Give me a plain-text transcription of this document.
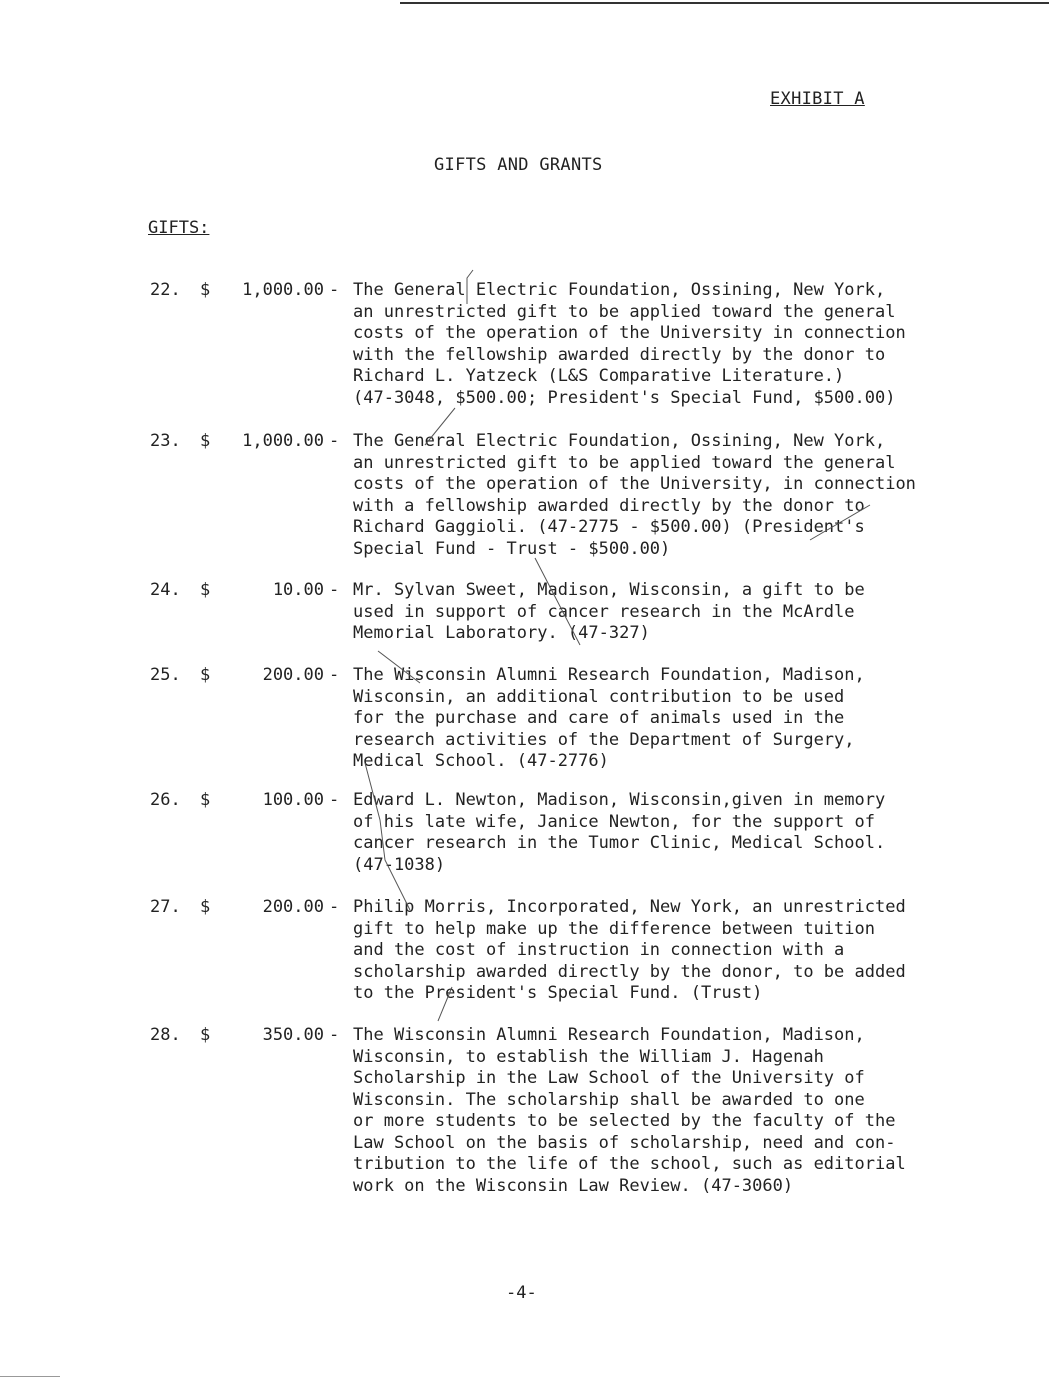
EXHIBIT A
GIFTS AND GRANTS
GIFTS:
22. $ 1,000.00 - The General Electric Foundation, Ossining, New York,
an unrestricted gift to be applied toward the general
costs of the operation of the University in connection
with the fellowship awarded directly by the donor to
Richard L. Yatzeck (L&S Comparative Literature.)
(47-3048, $500.00; President's Special Fund, $500.00)
23. $ 1,000.00 - The General Electric Foundation, Ossining, New York,
an unrestricted gift to be applied toward the general
costs of the operation of the University, in connection
with a fellowship awarded directly by the donor to
Richard Gaggioli. (47-2775 - $500.00) (President's
Special Fund - Trust - $500.00)
24. $	10.00 - Mr. Sylvan Sweet, Madison, Wisconsin, a gift to be
used in support of cancer research in the McArdle
Memorial Laboratory. (47-327)
25. $	200.00 - The Wisconsin Alumni Research Foundation, Madison,
Wisconsin, an additional contribution to be used
for the purchase and care of animals used in the
research activities of the Department of Surgery,
Medical School. (47-2776)
26. $	100.00 - Edward L. Newton, Madison, Wisconsin,given in memory
of his late wife, Janice Newton, for the support of
cancer research in the Tumor Clinic, Medical School.
(47-1038)
27. $	200.00 - Philip Morris, Incorporated, New York, an unrestricted
gift to help make up the difference between tuition
and the cost of instruction in connection with a
scholarship awarded directly by the donor, to be added
to the President's Special Fund. (Trust)
28. $	350.00 - The Wisconsin Alumni Research Foundation, Madison,
Wisconsin, to establish the William J. Hagenah
Scholarship in the Law School of the University of
Wisconsin. The scholarship shall be awarded to one
or more students to be selected by the faculty of the
Law School on the basis of scholarship, need and con-
tribution to the life of the school, such as editorial
work on the Wisconsin Law Review. (47-3060)
-4-
